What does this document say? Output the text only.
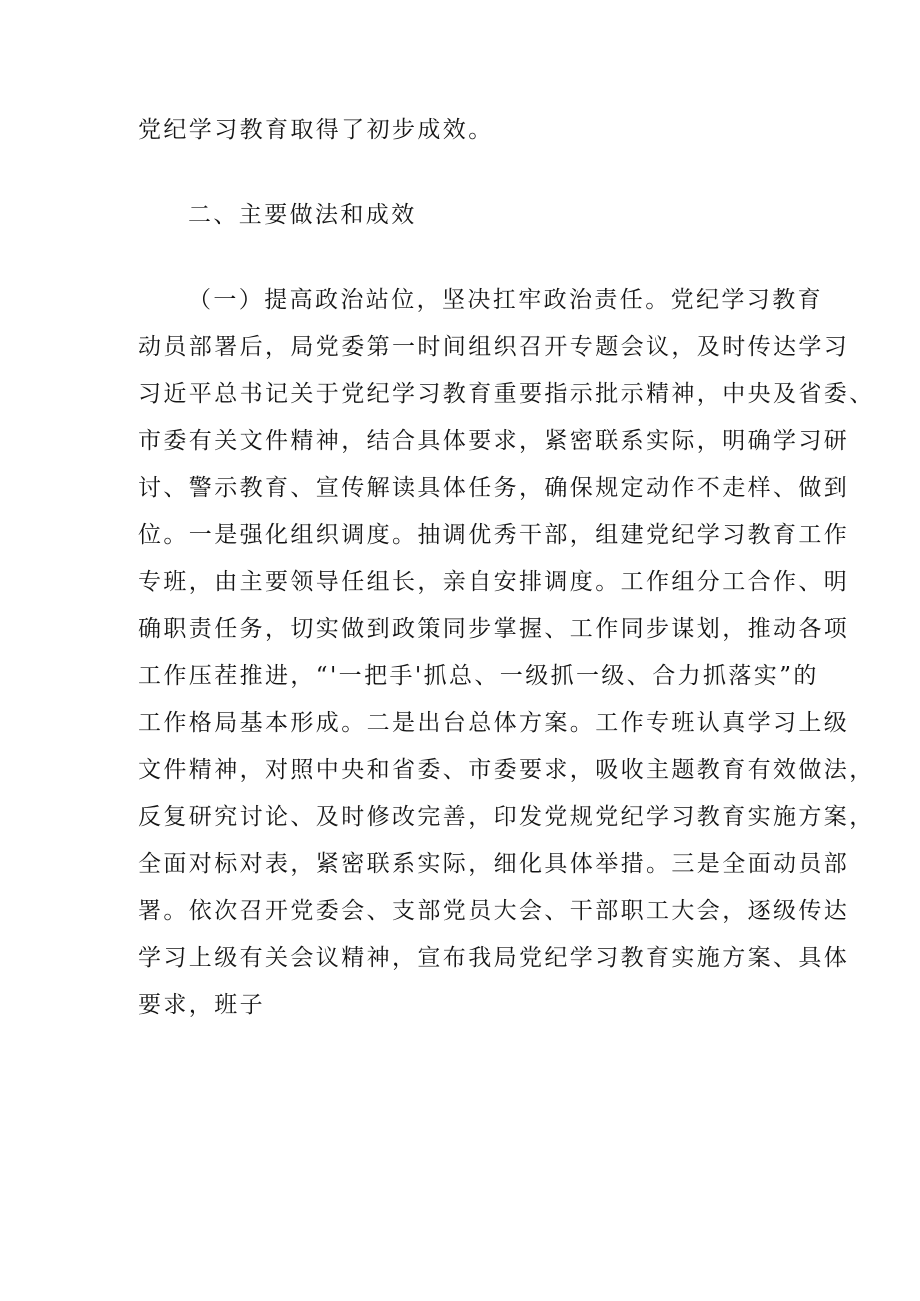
党纪学习教育取得了初步成效。
二、主要做法和成效
（一）提高政治站位，坚决扛牢政治责任。党纪学习教育
动员部署后，局党委第一时间组织召开专题会议，及时传达学习
习近平总书记关于党纪学习教育重要指示批示精神，中央及省委、
市委有关文件精神，结合具体要求，紧密联系实际，明确学习研
讨、警示教育、宣传解读具体任务，确保规定动作不走样、做到
位。一是强化组织调度。抽调优秀干部，组建党纪学习教育工作
专班，由主要领导任组长，亲自安排调度。工作组分工合作、明
确职责任务，切实做到政策同步掌握、工作同步谋划，推动各项
工作压茬推进，“'一把手'抓总、一级抓一级、合力抓落实”的
工作格局基本形成。二是出台总体方案。工作专班认真学习上级
文件精神，对照中央和省委、市委要求，吸收主题教育有效做法，
反复研究讨论、及时修改完善，印发党规党纪学习教育实施方案，
全面对标对表，紧密联系实际，细化具体举措。三是全面动员部
署。依次召开党委会、支部党员大会、干部职工大会，逐级传达
学习上级有关会议精神，宣布我局党纪学习教育实施方案、具体
要求，班子
